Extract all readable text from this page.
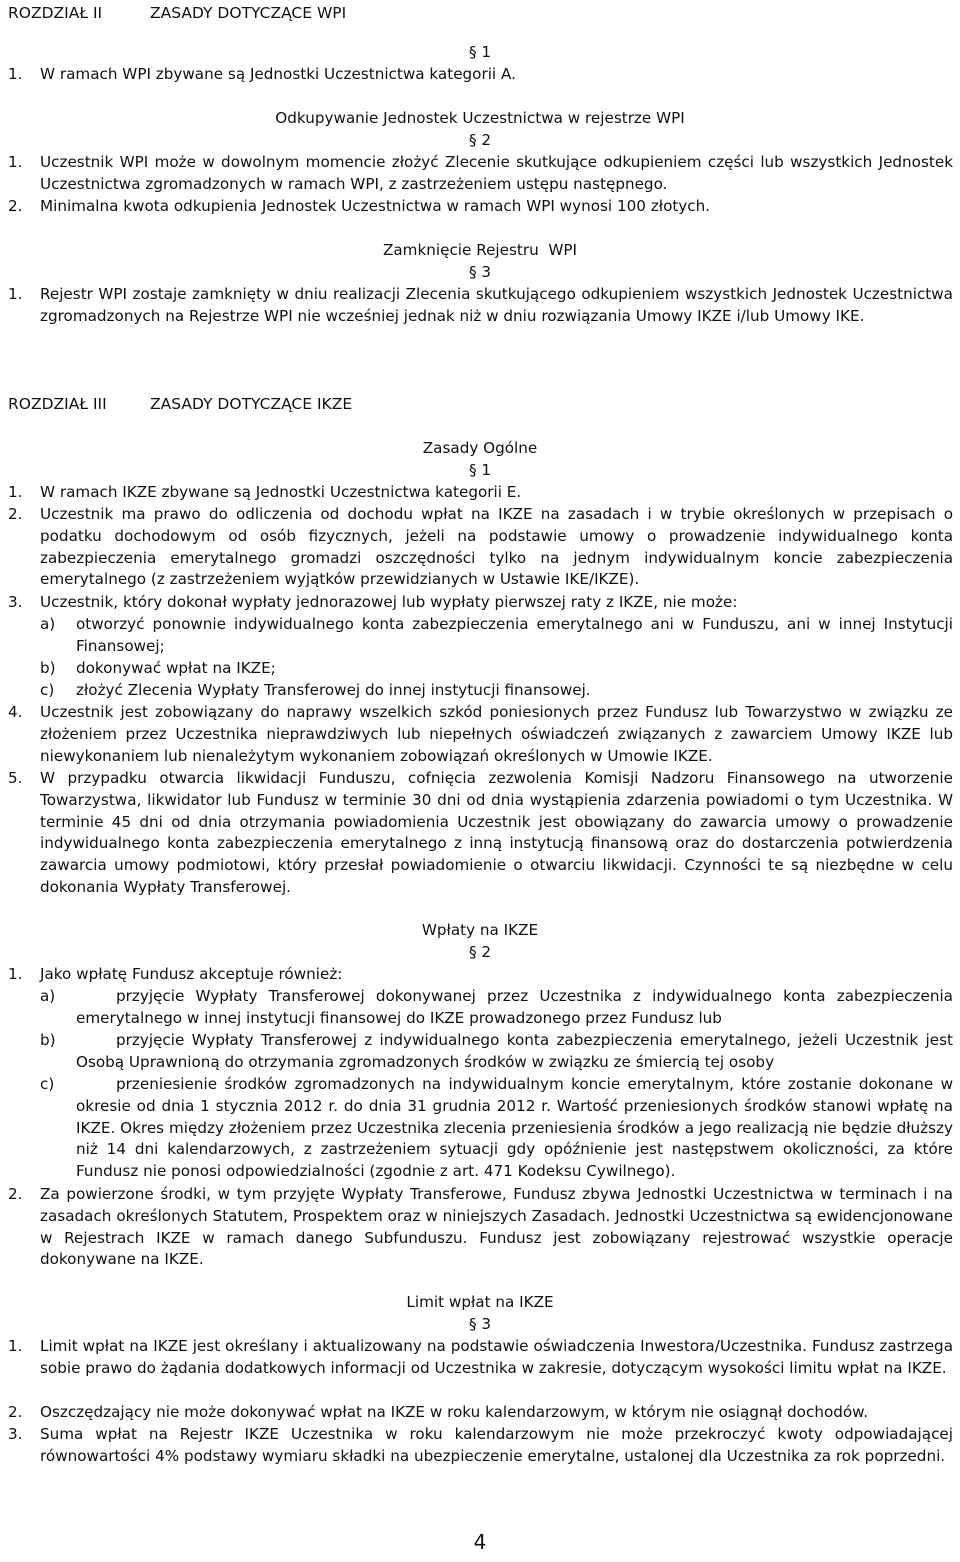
ROZDZIAŁ II	ZASADY DOTYCZĄCE WPI
§ 1
1. W ramach WPI zbywane są Jednostki Uczestnictwa kategorii A.
Odkupywanie Jednostek Uczestnictwa w rejestrze WPI
§ 2
1. Uczestnik WPI może w dowolnym momencie złożyć Zlecenie skutkujące odkupieniem części lub wszystkich Jednostek Uczestnictwa zgromadzonych w ramach WPI, z zastrzeżeniem ustępu następnego.
2. Minimalna kwota odkupienia Jednostek Uczestnictwa w ramach WPI wynosi 100 złotych.
Zamknięcie Rejestru  WPI
§ 3
1. Rejestr WPI zostaje zamknięty w dniu realizacji Zlecenia skutkującego odkupieniem wszystkich Jednostek Uczestnictwa zgromadzonych na Rejestrze WPI nie wcześniej jednak niż w dniu rozwiązania Umowy IKZE i/lub Umowy IKE.
ROZDZIAŁ III	ZASADY DOTYCZĄCE IKZE
Zasady Ogólne
§ 1
1. W ramach IKZE zbywane są Jednostki Uczestnictwa kategorii E.
2. Uczestnik ma prawo do odliczenia od dochodu wpłat na IKZE na zasadach i w trybie określonych w przepisach o podatku dochodowym od osób fizycznych, jeżeli na podstawie umowy o prowadzenie indywidualnego konta zabezpieczenia emerytalnego gromadzi oszczędności tylko na jednym indywidualnym koncie zabezpieczenia emerytalnego (z zastrzeżeniem wyjątków przewidzianych w Ustawie IKE/IKZE).
3. Uczestnik, który dokonał wypłaty jednorazowej lub wypłaty pierwszej raty z IKZE, nie może:
a) otworzyć ponownie indywidualnego konta zabezpieczenia emerytalnego ani w Funduszu, ani w innej Instytucji Finansowej;
b) dokonywać wpłat na IKZE;
c) złożyć Zlecenia Wypłaty Transferowej do innej instytucji finansowej.
4. Uczestnik jest zobowiązany do naprawy wszelkich szkód poniesionych przez Fundusz lub Towarzystwo w związku ze złożeniem przez Uczestnika nieprawdziwych lub niepełnych oświadczeń związanych z zawarciem Umowy IKZE lub niewykonaniem lub nienależytym wykonaniem zobowiązań określonych w Umowie IKZE.
5. W przypadku otwarcia likwidacji Funduszu, cofnięcia zezwolenia Komisji Nadzoru Finansowego na utworzenie Towarzystwa, likwidator lub Fundusz w terminie 30 dni od dnia wystąpienia zdarzenia powiadomi o tym Uczestnika. W terminie 45 dni od dnia otrzymania powiadomienia Uczestnik jest obowiązany do zawarcia umowy o prowadzenie indywidualnego konta zabezpieczenia emerytalnego z inną instytucją finansową oraz do dostarczenia potwierdzenia zawarcia umowy podmiotowi, który przesłał powiadomienie o otwarciu likwidacji. Czynności te są niezbędne w celu dokonania Wypłaty Transferowej.
Wpłaty na IKZE
§ 2
1. Jako wpłatę Fundusz akceptuje również:
a)	przyjęcie Wypłaty Transferowej dokonywanej przez Uczestnika z indywidualnego konta zabezpieczenia emerytalnego w innej instytucji finansowej do IKZE prowadzonego przez Fundusz lub
b)	przyjęcie Wypłaty Transferowej z indywidualnego konta zabezpieczenia emerytalnego, jeżeli Uczestnik jest Osobą Uprawnioną do otrzymania zgromadzonych środków w związku ze śmiercią tej osoby
c)	przeniesienie środków zgromadzonych na indywidualnym koncie emerytalnym, które zostanie dokonane w okresie od dnia 1 stycznia 2012 r. do dnia 31 grudnia 2012 r. Wartość przeniesionych środków stanowi wpłatę na IKZE. Okres między złożeniem przez Uczestnika zlecenia przeniesienia środków a jego realizacją nie będzie dłuższy niż 14 dni kalendarzowych, z zastrzeżeniem sytuacji gdy opóźnienie jest następstwem okoliczności, za które Fundusz nie ponosi odpowiedzialności (zgodnie z art. 471 Kodeksu Cywilnego).
2. Za powierzone środki, w tym przyjęte Wypłaty Transferowe, Fundusz zbywa Jednostki Uczestnictwa w terminach i na zasadach określonych Statutem, Prospektem oraz w niniejszych Zasadach. Jednostki Uczestnictwa są ewidencjonowane w Rejestrach IKZE w ramach danego Subfunduszu. Fundusz jest zobowiązany rejestrować wszystkie operacje dokonywane na IKZE.
Limit wpłat na IKZE
§ 3
1. Limit wpłat na IKZE jest określany i aktualizowany na podstawie oświadczenia Inwestora/Uczestnika. Fundusz zastrzega sobie prawo do żądania dodatkowych informacji od Uczestnika w zakresie, dotyczącym wysokości limitu wpłat na IKZE.
2. Oszczędzający nie może dokonywać wpłat na IKZE w roku kalendarzowym, w którym nie osiągnął dochodów.
3. Suma wpłat na Rejestr IKZE Uczestnika w roku kalendarzowym nie może przekroczyć kwoty odpowiadającej równowartości 4% podstawy wymiaru składki na ubezpieczenie emerytalne, ustalonej dla Uczestnika za rok poprzedni.
4
